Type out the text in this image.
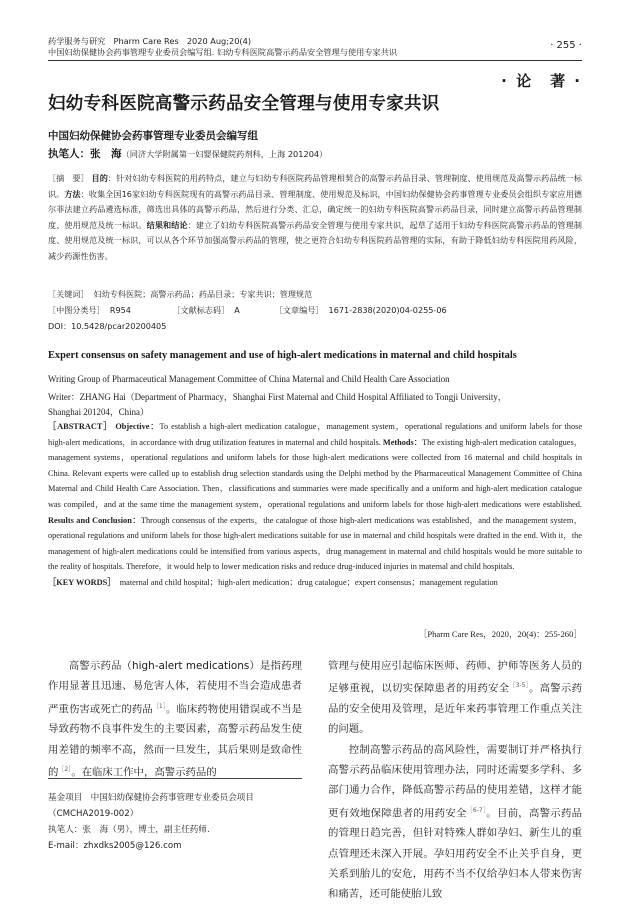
药学服务与研究　Pharm Care Res　2020 Aug;20(4)
中国妇幼保健协会药事管理专业委员会编写组. 妇幼专科医院高警示药品安全管理与使用专家共识
· 255 ·
· 论　著 ·
妇幼专科医院高警示药品安全管理与使用专家共识
中国妇幼保健协会药事管理专业委员会编写组
执笔人：张　海（同济大学附属第一妇婴保健院药剂科，上海 201204）
［摘　要］ 目的：针对妇幼专科医院的用药特点，建立与妇幼专科医院药品管理相契合的高警示药品目录、管理制度、使用规范及高警示药品统一标识。方法：收集全国16家妇幼专科医院现有的高警示药品目录、管理制度、使用规范及标识，中国妇幼保健协会药事管理专业委员会组织专家应用德尔菲法建立药品遴选标准，筛选出具体的高警示药品，然后进行分类、汇总，确定统一的妇幼专科医院高警示药品目录，同时建立高警示药品管理制度、使用规范及统一标识。结果和结论：建立了妇幼专科医院高警示药品安全管理与使用专家共识，起草了适用于妇幼专科医院高警示药品的管理制度、使用规范及统一标识，可以从各个环节加强高警示药品的管理，使之更符合妇幼专科医院药品管理的实际，有助于降低妇幼专科医院用药风险，减少药源性伤害。
［关键词］ 妇幼专科医院；高警示药品；药品目录；专家共识；管理规范
［中图分类号］ R954	［文献标志码］ A	［文章编号］ 1671-2838(2020)04-0255-06
DOI：10.5428/pcar20200405
Expert consensus on safety management and use of high-alert medications in maternal and child hospitals
Writing Group of Pharmaceutical Management Committee of China Maternal and Child Health Care Association
Writer：ZHANG Hai（Department of Pharmacy，Shanghai First Maternal and Child Hospital Affiliated to Tongji University，
Shanghai 201204，China）
［ABSTRACT］ Objective：To establish a high-alert medication catalogue，management system，operational regulations and uniform labels for those high-alert medications，in accordance with drug utilization features in maternal and child hospitals. Methods：The existing high-alert medication catalogues，management systems，operational regulations and uniform labels for those high-alert medications were collected from 16 maternal and child hospitals in China. Relevant experts were called up to establish drug selection standards using the Delphi method by the Pharmaceutical Management Committee of China Maternal and Child Health Care Association. Then，classifications and summaries were made specifically and a uniform and high-alert medication catalogue was compiled，and at the same time the management system，operational regulations and uniform labels for those high-alert medications were established. Results and Conclusion：Through consensus of the experts，the catalogue of those high-alert medications was established，and the management system，operational regulations and uniform labels for those high-alert medications suitable for use in maternal and child hospitals were drafted in the end. With it，the management of high-alert medications could be intensified from various aspects，drug management in maternal and child hospitals would be more suitable to the reality of hospitals. Therefore，it would help to lower medication risks and reduce drug-induced injuries in maternal and child hospitals.
［KEY WORDS］ maternal and child hospital；high-alert medication；drug catalogue；expert consensus；management regulation
［Pharm Care Res，2020，20(4)：255-260］

高警示药品（high-alert medications）是指药理作用显著且迅速、易危害人体，若使用不当会造成患者严重伤害或死亡的药品$^{[1]}$。临床药物使用错误或不当是导致药物不良事件发生的主要因素，高警示药品发生使用差错的频率不高，然而一旦发生，其后果则是致命性的$^{[2]}$。在临床工作中，高警示药品的

基金项目 中国妇幼保健协会药事管理专业委员会项目（CMCHA2019-002）
执笔人：张　海（男），博士，副主任药师.
E-mail：zhxdks2005@126.com

管理与使用应引起临床医师、药师、护师等医务人员的足够重视，以切实保障患者的用药安全$^{[3-5]}$。高警示药品的安全使用及管理，是近年来药事管理工作重点关注的问题。

控制高警示药品的高风险性，需要制订并严格执行高警示药品临床使用管理办法，同时还需要多学科、多部门通力合作，降低高警示药品的使用差错，这样才能更有效地保障患者的用药安全$^{[6-7]}$。目前，高警示药品的管理日趋完善，但针对特殊人群如孕妇、新生儿的重点管理还未深入开展。孕妇用药安全不止关乎自身，更关系到胎儿的安危，用药不当不仅给孕妇本人带来伤害和痛苦，还可能使胎儿致
